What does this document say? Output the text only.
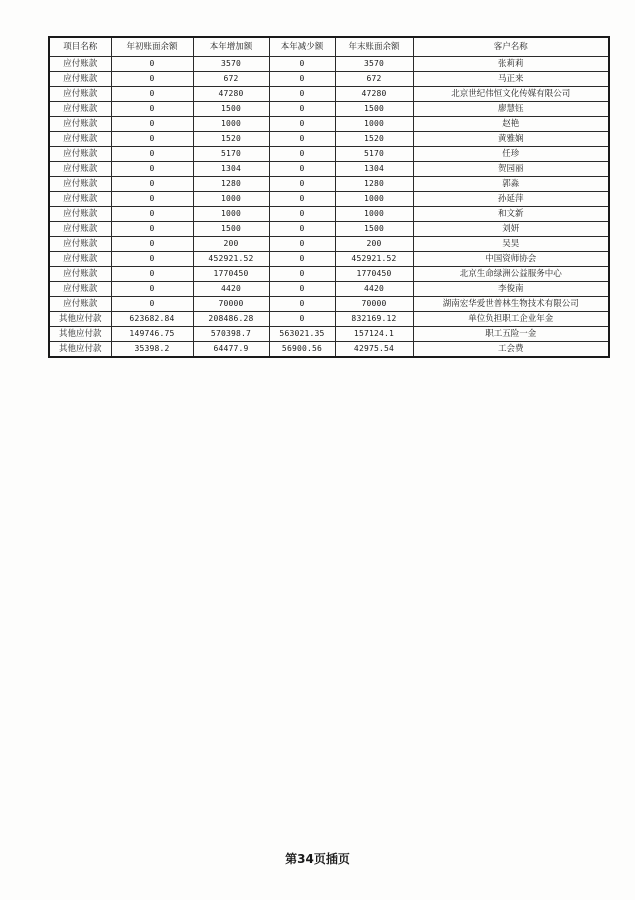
项目名称	年初账面余额	本年增加额	本年减少额	年末账面余额	客户名称
应付账款	0	3570	0	3570	张莉莉
应付账款	0	672	0	672	马正来
应付账款	0	47280	0	47280	北京世纪伟恒文化传媒有限公司
应付账款	0	1500	0	1500	廖慧钰
应付账款	0	1000	0	1000	赵艳
应付账款	0	1520	0	1520	黄雅娴
应付账款	0	5170	0	5170	任珍
应付账款	0	1304	0	1304	贺园丽
应付账款	0	1280	0	1280	郭淼
应付账款	0	1000	0	1000	孙延萍
应付账款	0	1000	0	1000	和文新
应付账款	0	1500	0	1500	刘妍
应付账款	0	200	0	200	吴昊
应付账款	0	452921.52	0	452921.52	中国资师协会
应付账款	0	1770450	0	1770450	北京生命绿洲公益服务中心
应付账款	0	4420	0	4420	李俊南
应付账款	0	70000	0	70000	湖南宏华爱世普林生物技术有限公司
其他应付款	623682.84	208486.28	0	832169.12	单位负担职工企业年金
其他应付款	149746.75	570398.7	563021.35	157124.1	职工五险一金
其他应付款	35398.2	64477.9	56900.56	42975.54	工会费
第34页插页
